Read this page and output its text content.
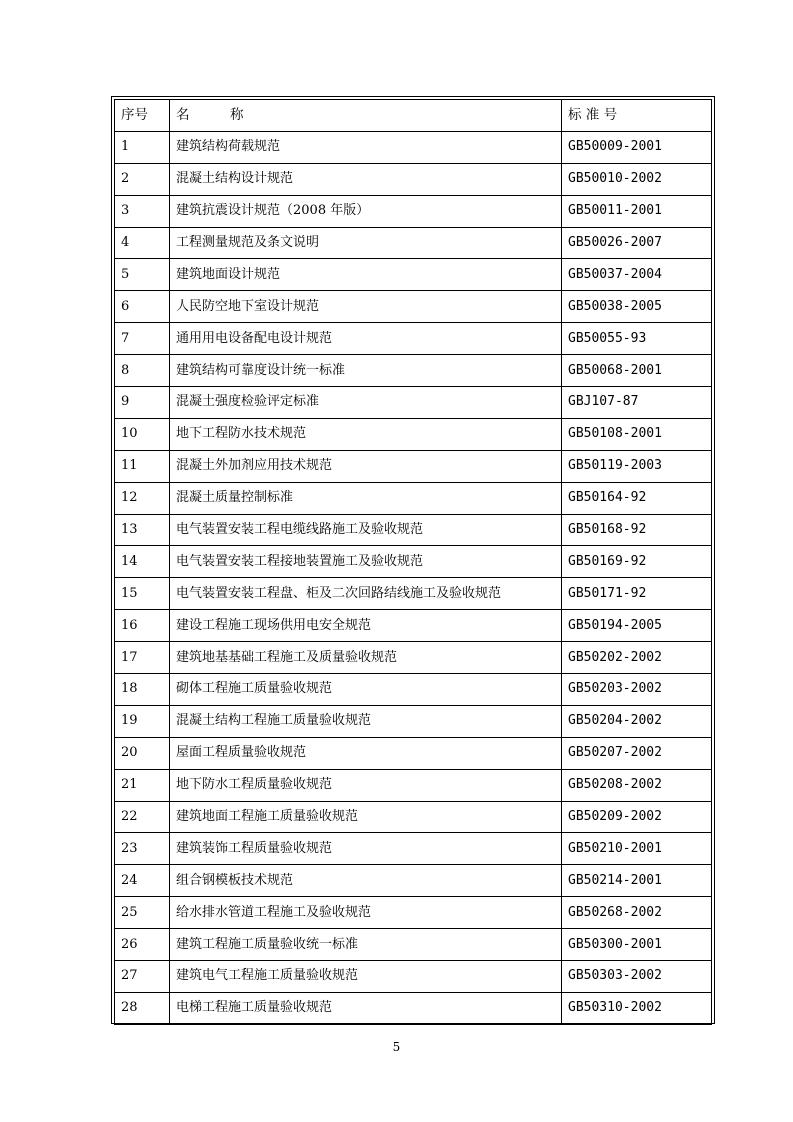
序号	名　　　称	标 准 号
1	建筑结构荷载规范	GB50009-2001
2	混凝土结构设计规范	GB50010-2002
3	建筑抗震设计规范（2008 年版）	GB50011-2001
4	工程测量规范及条文说明	GB50026-2007
5	建筑地面设计规范	GB50037-2004
6	人民防空地下室设计规范	GB50038-2005
7	通用用电设备配电设计规范	GB50055-93
8	建筑结构可靠度设计统一标准	GB50068-2001
9	混凝土强度检验评定标准	GBJ107-87
10	地下工程防水技术规范	GB50108-2001
11	混凝土外加剂应用技术规范	GB50119-2003
12	混凝土质量控制标准	GB50164-92
13	电气装置安装工程电缆线路施工及验收规范	GB50168-92
14	电气装置安装工程接地装置施工及验收规范	GB50169-92
15	电气装置安装工程盘、柜及二次回路结线施工及验收规范	GB50171-92
16	建设工程施工现场供用电安全规范	GB50194-2005
17	建筑地基基础工程施工及质量验收规范	GB50202-2002
18	砌体工程施工质量验收规范	GB50203-2002
19	混凝土结构工程施工质量验收规范	GB50204-2002
20	屋面工程质量验收规范	GB50207-2002
21	地下防水工程质量验收规范	GB50208-2002
22	建筑地面工程施工质量验收规范	GB50209-2002
23	建筑装饰工程质量验收规范	GB50210-2001
24	组合钢模板技术规范	GB50214-2001
25	给水排水管道工程施工及验收规范	GB50268-2002
26	建筑工程施工质量验收统一标准	GB50300-2001
27	建筑电气工程施工质量验收规范	GB50303-2002
28	电梯工程施工质量验收规范	GB50310-2002
5
